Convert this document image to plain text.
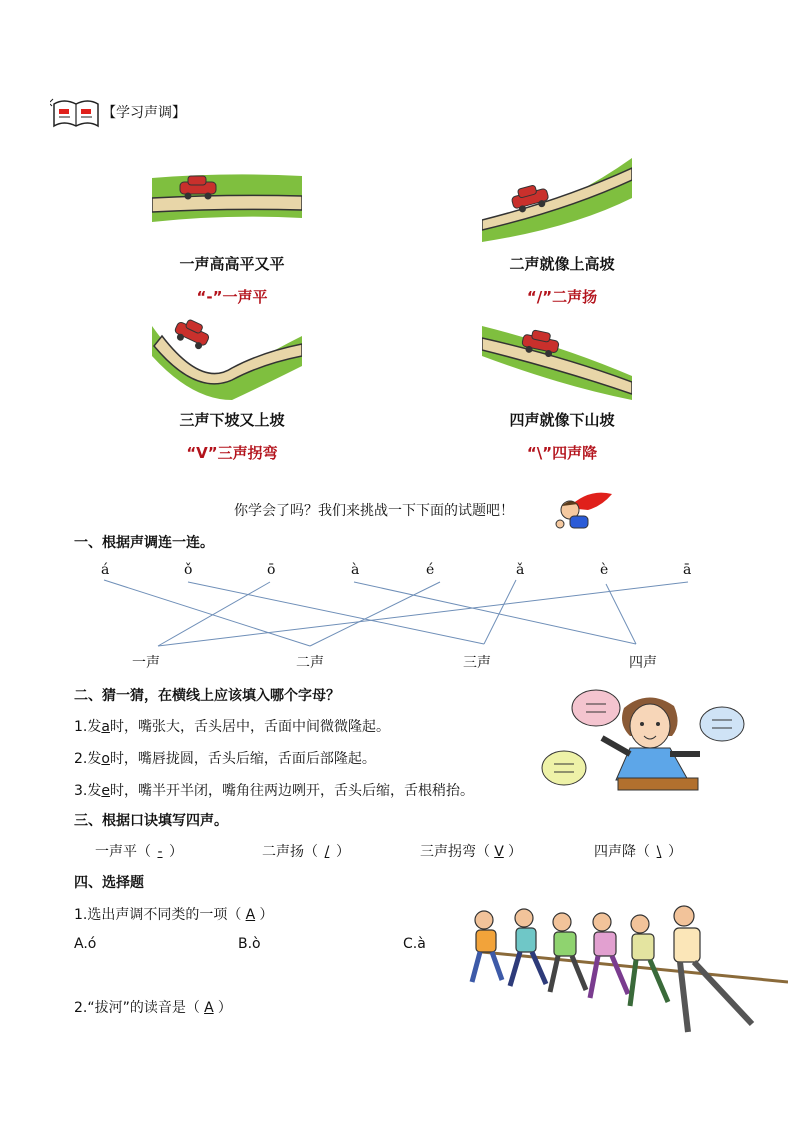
【学习声调】
一声高高平又平
“-”一声平
二声就像上高坡
“/”二声扬
三声下坡又上坡
“V”三声拐弯
四声就像下山坡
“\”四声降
你学会了吗？我们来挑战一下下面的试题吧！
一、根据声调连一连。
á	ǒ	ō	à	é	ǎ	è	ā
一声	二声	三声	四声
二、猜一猜，在横线上应该填入哪个字母？
1.发a时，嘴张大，舌头居中，舌面中间微微隆起。
2.发o时，嘴唇拢圆，舌头后缩，舌面后部隆起。
3.发e时，嘴半开半闭，嘴角往两边咧开，舌头后缩，舌根稍抬。
三、根据口诀填写四声。
一声平（ - ）	二声扬（ / ）	三声拐弯（ V ）	四声降（ \ ）
四、选择题
1.选出声调不同类的一项（ A ）
A.ó	B.ò	C.à
2.“拔河”的读音是（ A ）
